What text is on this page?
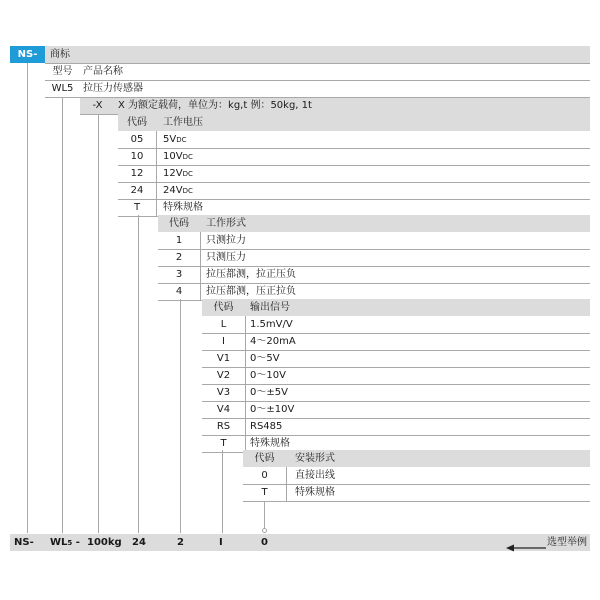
NS-	商标
型号	产品名称
WL5 拉压力传感器
-X	X 为额定载荷，单位为：kg,t 例：50kg, 1t
代码	工作电压
05	5VDC
10	10VDC
12	12VDC
24	24VDC
T	特殊规格
代码	工作形式
1	只测拉力
2	只测压力
3	拉压都测，拉正压负
4	拉压都测，压正拉负
代码	输出信号
L	1.5mV/V
I	4～20mA
V1	0～5V
V2	0～10V
V3	0～±5V
V4	0～±10V
RS	RS485
T	特殊规格
代码	安装形式
0	直接出线
T	特殊规格
NS- WL5 - 100kg 24	2	I	0	选型举例
